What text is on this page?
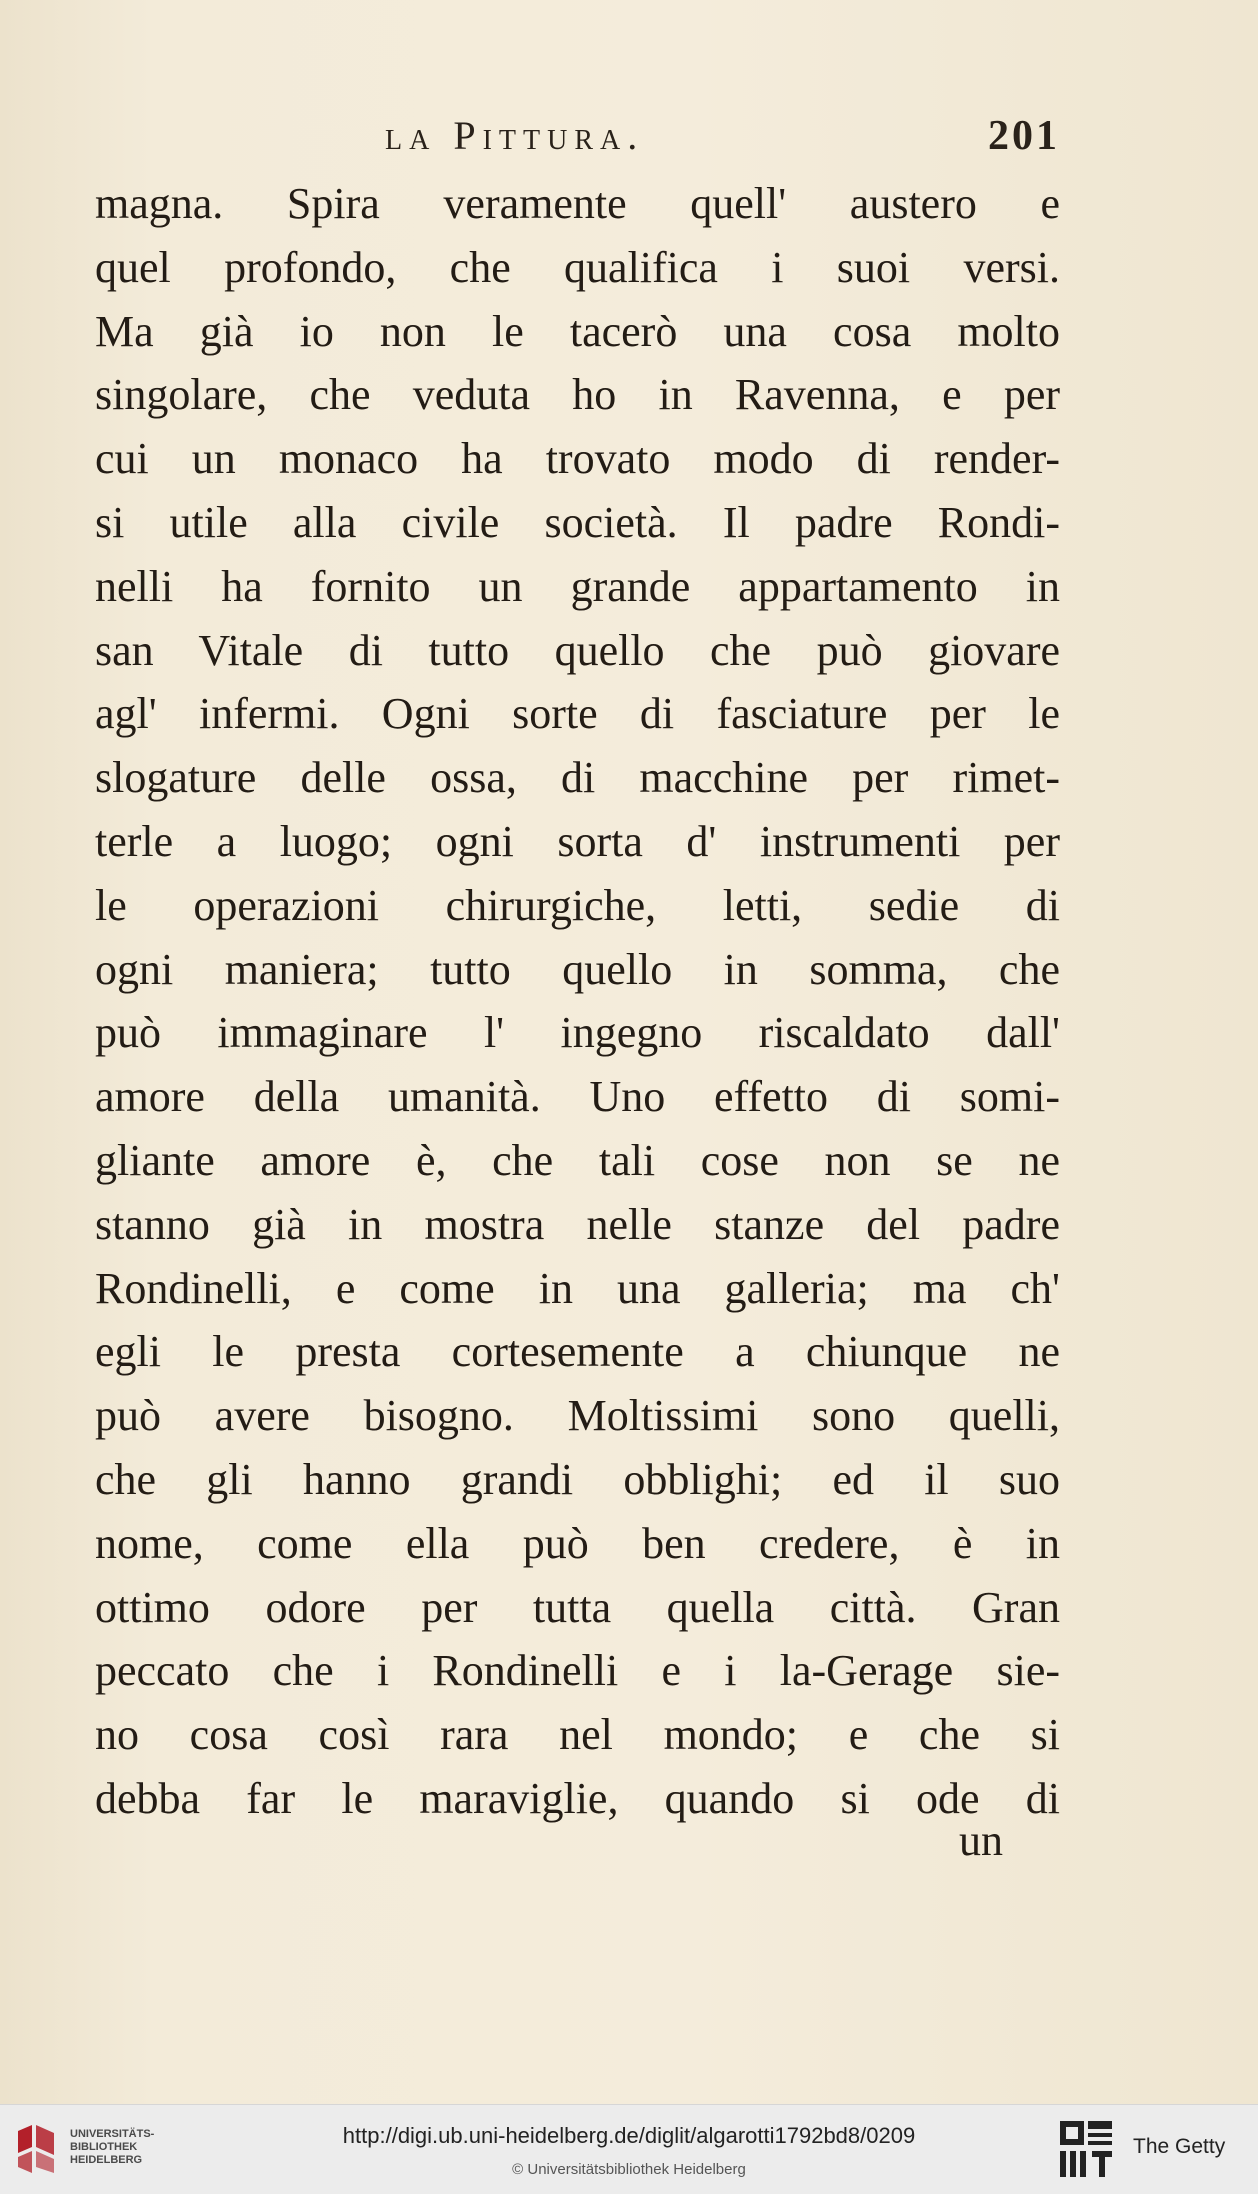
la Pittura.	201
magna. Spira veramente quell' austero e
quel profondo, che qualifica i suoi versi.
Ma già io non le tacerò una cosa molto
singolare, che veduta ho in Ravenna, e per
cui un monaco ha trovato modo di render-
si utile alla civile società. Il padre Rondi-
nelli ha fornito un grande appartamento in
san Vitale di tutto quello che può giovare
agl' infermi. Ogni sorte di fasciature per le
slogature delle ossa, di macchine per rimet-
terle a luogo; ogni sorta d' instrumenti per
le operazioni chirurgiche, letti, sedie di
ogni maniera; tutto quello in somma, che
può immaginare l' ingegno riscaldato dall'
amore della umanità. Uno effetto di somi-
gliante amore è, che tali cose non se ne
stanno già in mostra nelle stanze del padre
Rondinelli, e come in una galleria; ma ch'
egli le presta cortesemente a chiunque ne
può avere bisogno. Moltissimi sono quelli,
che gli hanno grandi obblighi; ed il suo
nome, come ella può ben credere, è in
ottimo odore per tutta quella città. Gran
peccato che i Rondinelli e i la-Gerage sie-
no cosa così rara nel mondo; e che si
debba far le maraviglie, quando si ode di
un
UNIVERSITÄTS-
BIBLIOTHEK
HEIDELBERG
http://digi.ub.uni-heidelberg.de/diglit/algarotti1792bd8/0209
© Universitätsbibliothek Heidelberg
The Getty
